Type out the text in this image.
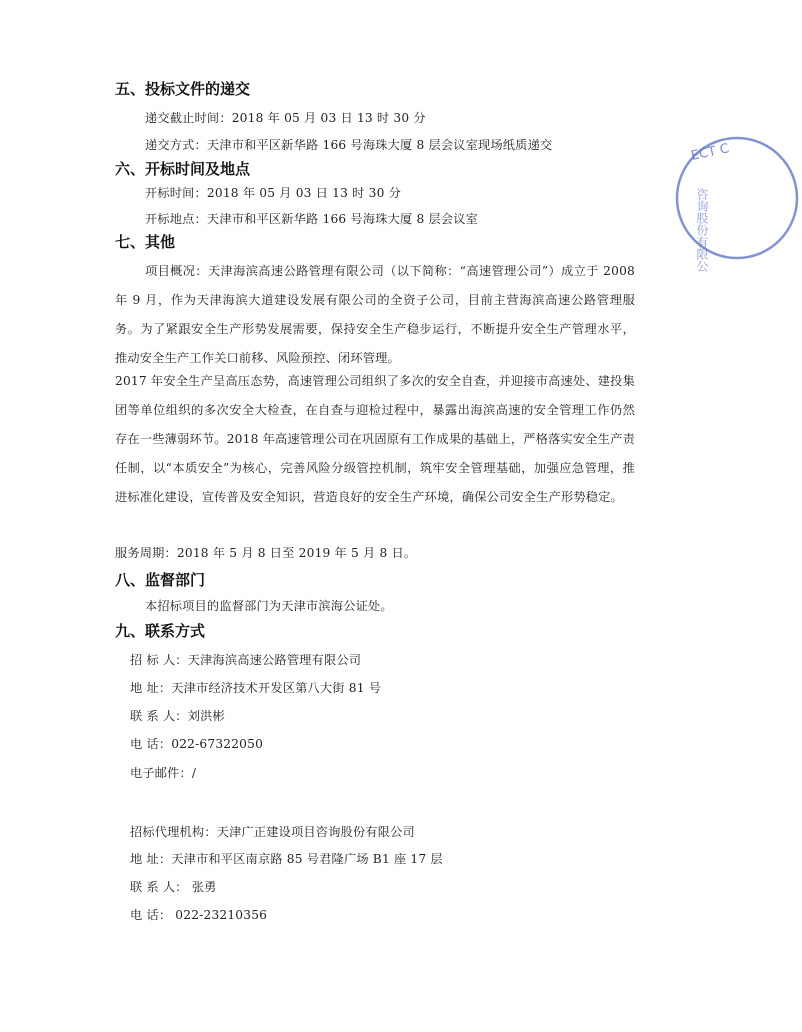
五、投标文件的递交
递交截止时间：2018 年 05 月 03 日 13 时 30 分
递交方式：天津市和平区新华路 166 号海珠大厦 8 层会议室现场纸质递交
六、开标时间及地点
开标时间：2018 年 05 月 03 日 13 时 30 分
开标地点：天津市和平区新华路 166 号海珠大厦 8 层会议室
七、其他

项目概况：天津海滨高速公路管理有限公司（以下简称：“高速管理公司”）成立于 2008 年 9 月，作为天津海滨大道建设发展有限公司的全资子公司，目前主营海滨高速公路管理服务。为了紧跟安全生产形势发展需要，保持安全生产稳步运行，不断提升安全生产管理水平，推动安全生产工作关口前移、风险预控、闭环管理。

2017 年安全生产呈高压态势，高速管理公司组织了多次的安全自查，并迎接市高速处、建投集团等单位组织的多次安全大检查，在自查与迎检过程中，暴露出海滨高速的安全管理工作仍然存在一些薄弱环节。2018 年高速管理公司在巩固原有工作成果的基础上，严格落实安全生产责任制，以“本质安全”为核心，完善风险分级管控机制，筑牢安全管理基础，加强应急管理，推进标准化建设，宣传普及安全知识，营造良好的安全生产环境，确保公司安全生产形势稳定。

服务周期：2018 年 5 月 8 日至 2019 年 5 月 8 日。
八、监督部门
本招标项目的监督部门为天津市滨海公证处。
九、联系方式
招 标 人：天津海滨高速公路管理有限公司
地 址：天津市经济技术开发区第八大街 81 号
联 系 人：刘洪彬
电 话：022-67322050
电子邮件：/
招标代理机构：天津广正建设项目咨询股份有限公司
地 址：天津市和平区南京路 85 号君隆广场 B1 座 17 层
联 系 人： 张勇
电 话： 022-23210356
ECT C
咨询股份有限公
